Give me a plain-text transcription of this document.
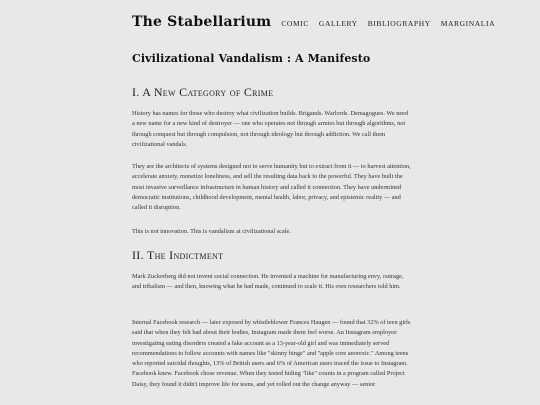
The Stabellarium COMIC GALLERY BIBLIOGRAPHY MARGINALIA
Civilizational Vandalism : A Manifesto
I. A New Category of Crime

History has names for those who destroy what civilization builds. Brigands. Warlords. Demagogues. We need a new name for a new kind of destroyer — one who operates not through armies but through algorithms, not through conquest but through compulsion, not through ideology but through addiction. We call them civilizational vandals.

They are the architects of systems designed not to serve humanity but to extract from it — to harvest attention, accelerate anxiety, monetize loneliness, and sell the resulting data back to the powerful. They have built the most invasive surveillance infrastructure in human history and called it connection. They have undermined democratic institutions, childhood development, mental health, labor, privacy, and epistemic reality — and called it disruption.

This is not innovation. This is vandalism at civilizational scale.

II. The Indictment

Mark Zuckerberg did not invent social connection. He invented a machine for manufacturing envy, outrage, and tribalism — and then, knowing what he had made, continued to scale it. His own researchers told him.

Internal Facebook research — later exposed by whistleblower Frances Haugen — found that 32% of teen girls said that when they felt bad about their bodies, Instagram made them feel worse. An Instagram employee investigating eating disorders created a fake account as a 13-year-old girl and was immediately served recommendations to follow accounts with names like "skinny binge" and "apple core anorexic." Among teens who reported suicidal thoughts, 13% of British users and 6% of American users traced the issue to Instagram. Facebook knew. Facebook chose revenue. When they tested hiding "like" counts in a program called Project Daisy, they found it didn't improve life for teens, and yet rolled out the change anyway — senior
